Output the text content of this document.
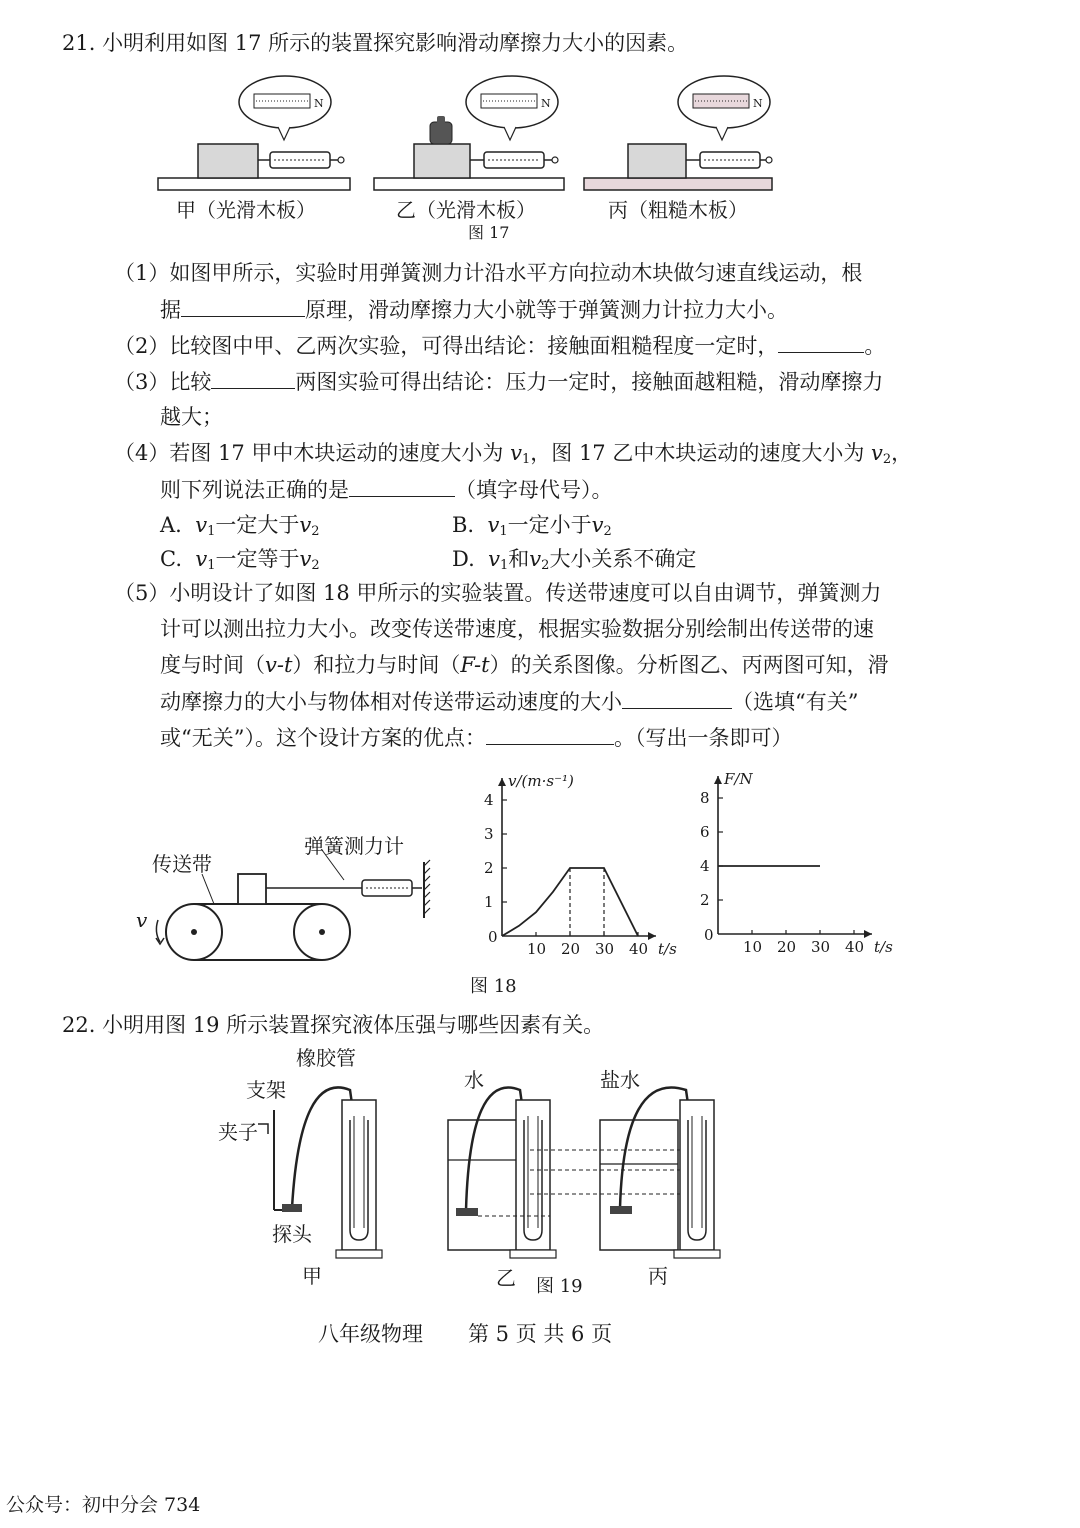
21. 小明利用如图 17 所示的装置探究影响滑动摩擦力大小的因素。
N	N	N
甲（光滑木板）	乙（光滑木板）	丙（粗糙木板）
图 17
（1）如图甲所示，实验时用弹簧测力计沿水平方向拉动木块做匀速直线运动，根
据	原理，滑动摩擦力大小就等于弹簧测力计拉力大小。
（2）比较图中甲、乙两次实验，可得出结论：接触面粗糙程度一定时，	。
（3）比较	两图实验可得出结论：压力一定时，接触面越粗糙，滑动摩擦力
越大；
（4）若图 17 甲中木块运动的速度大小为 $v_1$，图 17 乙中木块运动的速度大小为 $v_2$，
则下列说法正确的是	（填字母代号）。
A. $v_1$一定大于$v_2$	B. $v_1$一定小于$v_2$
C. $v_1$一定等于$v_2$	D. $v_1$和$v_2$大小关系不确定
（5）小明设计了如图 18 甲所示的实验装置。传送带速度可以自由调节，弹簧测力
计可以测出拉力大小。改变传送带速度，根据实验数据分别绘制出传送带的速
度与时间（v-t）和拉力与时间（F-t）的关系图像。分析图乙、丙两图可知，滑
动摩擦力的大小与物体相对传送带运动速度的大小	（选填“有关”
或“无关”）。这个设计方案的优点：	。（写出一条即可）
传送带
弹簧测力计
v
v/(m·s⁻¹)
t/s
0
10 20 30 40
1
2
3
4
F/N
t/s
0
10 20 30 40
2
4
6
8
图 18
22. 小明用图 19 所示装置探究液体压强与哪些因素有关。
橡胶管
支架
夹子
探头
水	盐水
甲	乙	丙
图 19
八年级物理 第 5 页 共 6 页
公众号：初中分会 734
